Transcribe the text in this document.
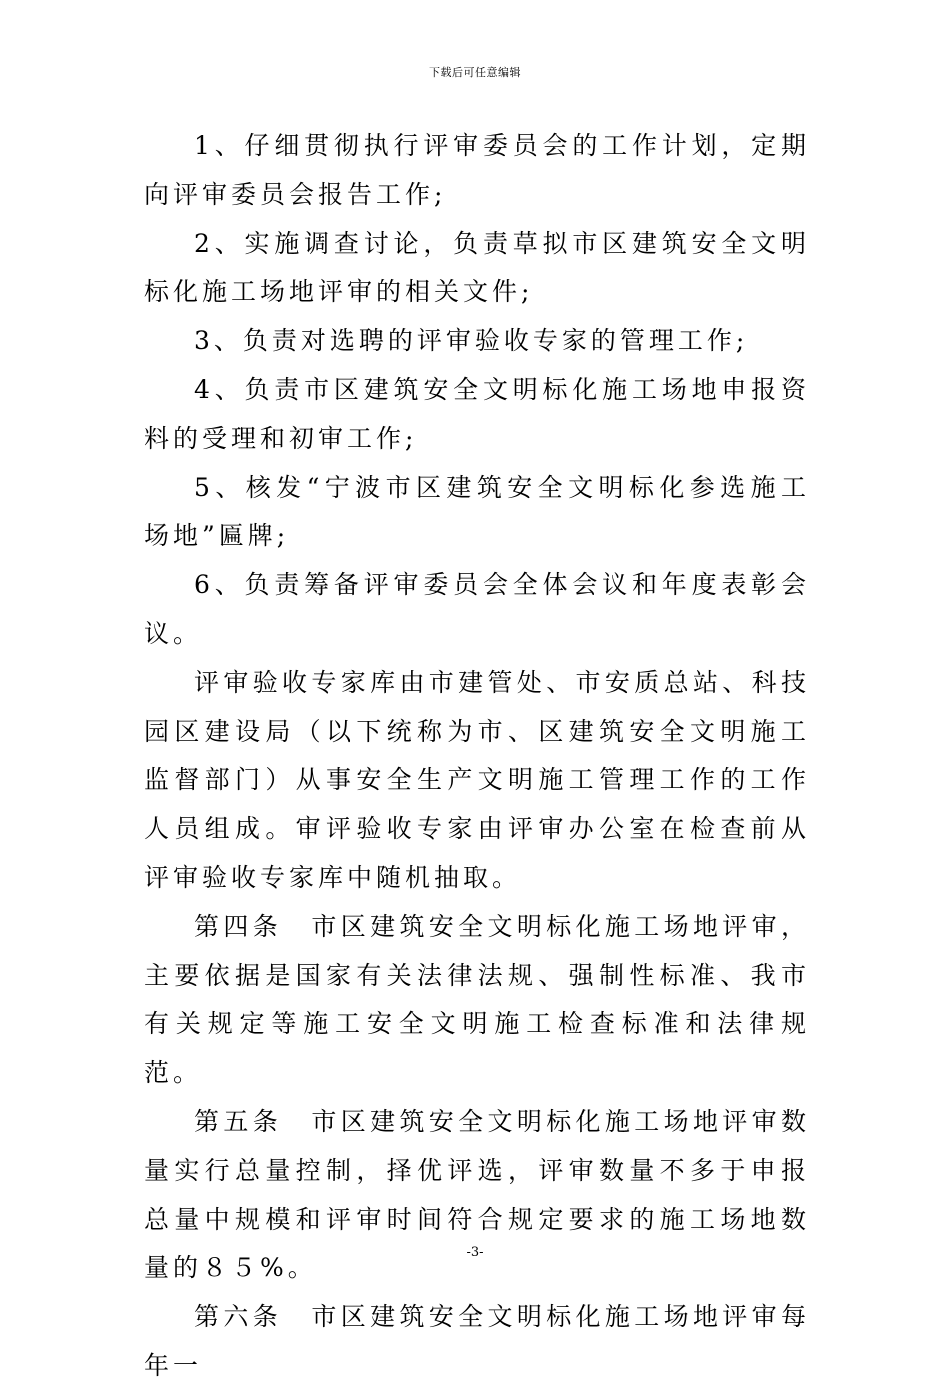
下载后可任意编辑

1、仔细贯彻执行评审委员会的工作计划，定期向评审委员会报告工作;

2、实施调查讨论，负责草拟市区建筑安全文明标化施工场地评审的相关文件;

3、负责对选聘的评审验收专家的管理工作;

4、负责市区建筑安全文明标化施工场地申报资料的受理和初审工作;

5、核发“宁波市区建筑安全文明标化参选施工场地”匾牌;

6、负责筹备评审委员会全体会议和年度表彰会议。

评审验收专家库由市建管处、市安质总站、科技园区建设局（以下统称为市、区建筑安全文明施工监督部门）从事安全生产文明施工管理工作的工作人员组成。审评验收专家由评审办公室在检查前从评审验收专家库中随机抽取。

第四条　市区建筑安全文明标化施工场地评审，主要依据是国家有关法律法规、强制性标准、我市有关规定等施工安全文明施工检查标准和法律规范。

第五条　市区建筑安全文明标化施工场地评审数量实行总量控制，择优评选，评审数量不多于申报总量中规模和评审时间符合规定要求的施工场地数量的８５%。

第六条　市区建筑安全文明标化施工场地评审每年一

-3-
